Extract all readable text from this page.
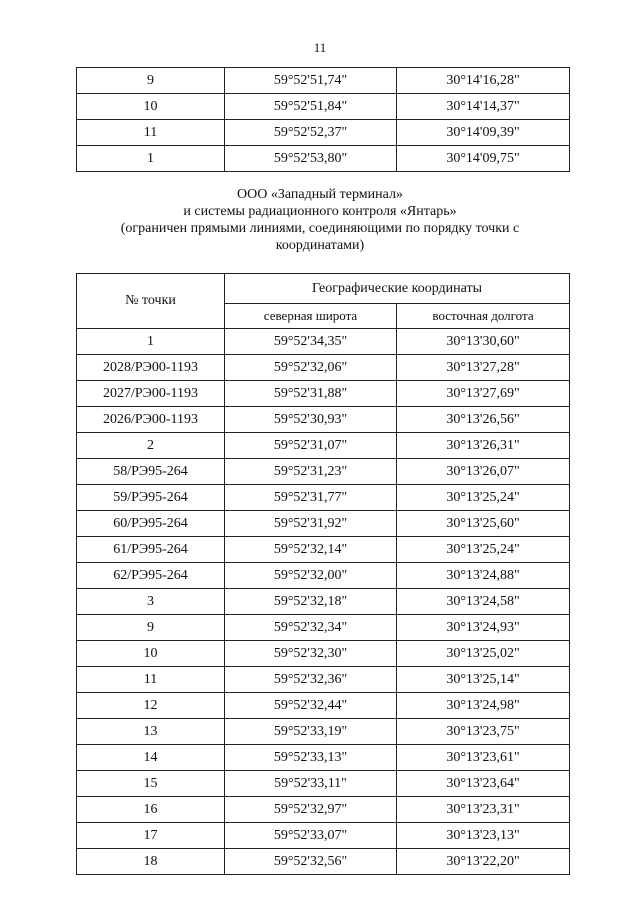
11
9	59°52'51,74"	30°14'16,28"
10	59°52'51,84"	30°14'14,37"
11	59°52'52,37"	30°14'09,39"
1	59°52'53,80"	30°14'09,75"
ООО «Западный терминал»
и системы радиационного контроля «Янтарь»
(ограничен прямыми линиями, соединяющими по порядку точки с
координатами)
№ точки	Географические координаты	
	северная широта	восточная долгота
1	59°52'34,35"	30°13'30,60"
2028/РЭ00-1193	59°52'32,06"	30°13'27,28"
2027/РЭ00-1193	59°52'31,88"	30°13'27,69"
2026/РЭ00-1193	59°52'30,93"	30°13'26,56"
2	59°52'31,07"	30°13'26,31"
58/РЭ95-264	59°52'31,23"	30°13'26,07"
59/РЭ95-264	59°52'31,77"	30°13'25,24"
60/РЭ95-264	59°52'31,92"	30°13'25,60"
61/РЭ95-264	59°52'32,14"	30°13'25,24"
62/РЭ95-264	59°52'32,00"	30°13'24,88"
3	59°52'32,18"	30°13'24,58"
9	59°52'32,34"	30°13'24,93"
10	59°52'32,30"	30°13'25,02"
11	59°52'32,36"	30°13'25,14"
12	59°52'32,44"	30°13'24,98"
13	59°52'33,19"	30°13'23,75"
14	59°52'33,13"	30°13'23,61"
15	59°52'33,11"	30°13'23,64"
16	59°52'32,97"	30°13'23,31"
17	59°52'33,07"	30°13'23,13"
18	59°52'32,56"	30°13'22,20"
